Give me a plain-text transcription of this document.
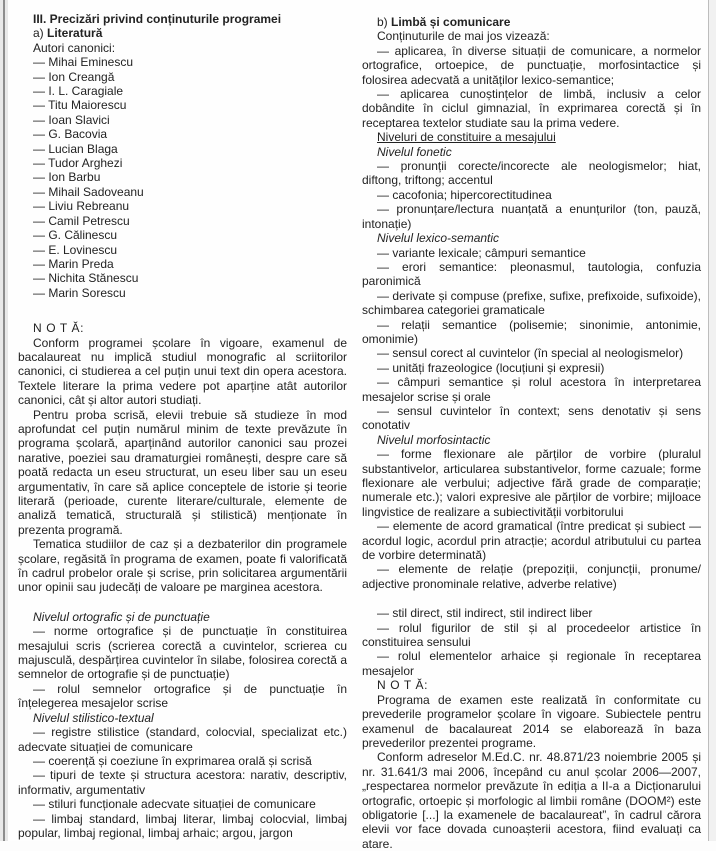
III. Precizări privind conținuturile programei

a) Literatură

Autori canonici:

— Mihai Eminescu

— Ion Creangă

— I. L. Caragiale

— Titu Maiorescu

— Ioan Slavici

— G. Bacovia

— Lucian Blaga

— Tudor Arghezi

— Ion Barbu

— Mihail Sadoveanu

— Liviu Rebreanu

— Camil Petrescu

— G. Călinescu

— E. Lovinescu

— Marin Preda

— Nichita Stănescu

— Marin Sorescu

N O T Ă:

Conform programei școlare în vigoare, examenul de bacalaureat nu implică studiul monografic al scriitorilor canonici, ci studierea a cel puțin unui text din opera acestora. Textele literare la prima vedere pot aparține atât autorilor canonici, cât și altor autori studiați.

Pentru proba scrisă, elevii trebuie să studieze în mod aprofundat cel puțin numărul minim de texte prevăzute în programa școlară, aparținând autorilor canonici sau prozei narative, poeziei sau dramaturgiei românești, despre care să poată redacta un eseu structurat, un eseu liber sau un eseu argumentativ, în care să aplice conceptele de istorie și teorie literară (perioade, curente literare/culturale, elemente de analiză tematică, structurală și stilistică) menționate în prezenta programă.

Tematica studiilor de caz și a dezbaterilor din programele școlare, regăsită în programa de examen, poate fi valorificată în cadrul probelor orale și scrise, prin solicitarea argumentării unor opinii sau judecăți de valoare pe marginea acestora.

Nivelul ortografic și de punctuație

— norme ortografice și de punctuație în constituirea mesajului scris (scrierea corectă a cuvintelor, scrierea cu majusculă, despărțirea cuvintelor în silabe, folosirea corectă a semnelor de ortografie și de punctuație)

— rolul semnelor ortografice și de punctuație în înțelegerea mesajelor scrise

Nivelul stilistico-textual

— registre stilistice (standard, colocvial, specializat etc.) adecvate situației de comunicare

— coerență și coeziune în exprimarea orală și scrisă

— tipuri de texte și structura acestora: narativ, descriptiv, informativ, argumentativ

— stiluri funcționale adecvate situației de comunicare

— limbaj standard, limbaj literar, limbaj colocvial, limbaj popular, limbaj regional, limbaj arhaic; argou, jargon

b) Limbă și comunicare

Conținuturile de mai jos vizează:

— aplicarea, în diverse situații de comunicare, a normelor ortografice, ortoepice, de punctuație, morfosintactice și folosirea adecvată a unităților lexico-semantice;

— aplicarea cunoștințelor de limbă, inclusiv a celor dobândite în ciclul gimnazial, în exprimarea corectă și în receptarea textelor studiate sau la prima vedere.

Niveluri de constituire a mesajului

Nivelul fonetic

— pronunții corecte/incorecte ale neologismelor; hiat, diftong, triftong; accentul

— cacofonia; hipercorectitudinea

— pronunțare/lectura nuanțată a enunțurilor (ton, pauză, intonație)

Nivelul lexico-semantic

— variante lexicale; câmpuri semantice

— erori semantice: pleonasmul, tautologia, confuzia paronimică

— derivate și compuse (prefixe, sufixe, prefixoide, sufixoide), schimbarea categoriei gramaticale

— relații semantice (polisemie; sinonimie, antonimie, omonimie)

— sensul corect al cuvintelor (în special al neologismelor)

— unități frazeologice (locuțiuni și expresii)

— câmpuri semantice și rolul acestora în interpretarea mesajelor scrise și orale

— sensul cuvintelor în context; sens denotativ și sens conotativ

Nivelul morfosintactic

— forme flexionare ale părților de vorbire (pluralul substantivelor, articularea substantivelor, forme cazuale; forme flexionare ale verbului; adjective fără grade de comparație; numerale etc.); valori expresive ale părților de vorbire; mijloace lingvistice de realizare a subiectivității vorbitorului

— elemente de acord gramatical (între predicat și subiect — acordul logic, acordul prin atracție; acordul atributului cu partea de vorbire determinată)

— elemente de relație (prepoziții, conjuncții, pronume/ adjective pronominale relative, adverbe relative)

— stil direct, stil indirect, stil indirect liber

— rolul figurilor de stil și al procedeelor artistice în constituirea sensului

— rolul elementelor arhaice și regionale în receptarea mesajelor

N O T Ă:

Programa de examen este realizată în conformitate cu prevederile programelor școlare în vigoare. Subiectele pentru examenul de bacalaureat 2014 se elaborează în baza prevederilor prezentei programe.

Conform adreselor M.Ed.C. nr. 48.871/23 noiembrie 2005 și nr. 31.641/3 mai 2006, începând cu anul școlar 2006—2007, „respectarea normelor prevăzute în ediția a II-a a Dicționarului ortografic, ortoepic și morfologic al limbii române (DOOM²) este obligatorie [...] la examenele de bacalaureat”, în cadrul cărora elevii vor face dovada cunoașterii acestora, fiind evaluați ca atare.
